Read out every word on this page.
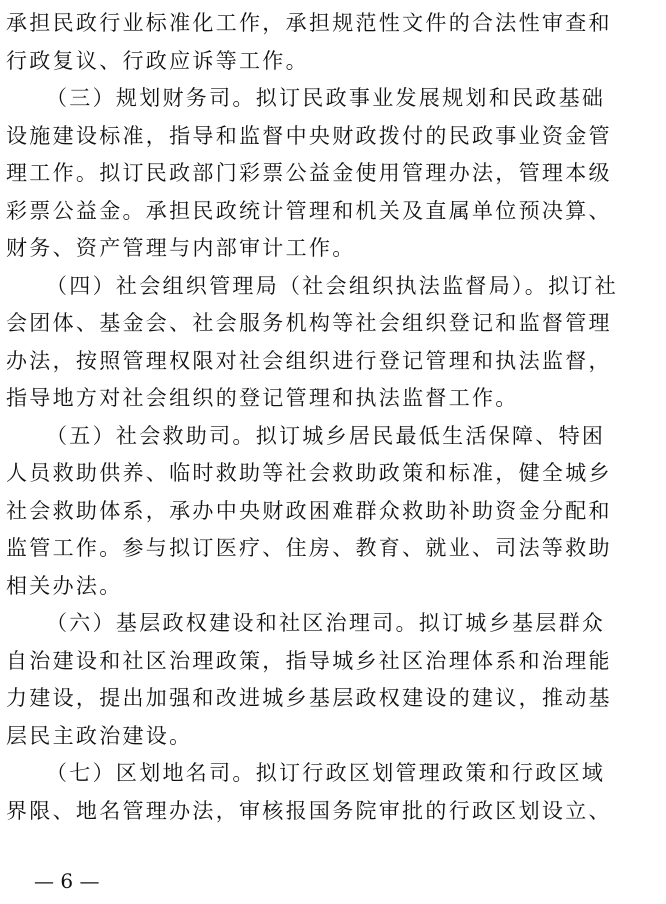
承担民政行业标准化工作，承担规范性文件的合法性审查和
行政复议、行政应诉等工作。
（三）规划财务司。拟订民政事业发展规划和民政基础
设施建设标准，指导和监督中央财政拨付的民政事业资金管
理工作。拟订民政部门彩票公益金使用管理办法，管理本级
彩票公益金。承担民政统计管理和机关及直属单位预决算、
财务、资产管理与内部审计工作。
（四）社会组织管理局（社会组织执法监督局）。拟订社
会团体、基金会、社会服务机构等社会组织登记和监督管理
办法，按照管理权限对社会组织进行登记管理和执法监督，
指导地方对社会组织的登记管理和执法监督工作。
（五）社会救助司。拟订城乡居民最低生活保障、特困
人员救助供养、临时救助等社会救助政策和标准，健全城乡
社会救助体系，承办中央财政困难群众救助补助资金分配和
监管工作。参与拟订医疗、住房、教育、就业、司法等救助
相关办法。
（六）基层政权建设和社区治理司。拟订城乡基层群众
自治建设和社区治理政策，指导城乡社区治理体系和治理能
力建设，提出加强和改进城乡基层政权建设的建议，推动基
层民主政治建设。
（七）区划地名司。拟订行政区划管理政策和行政区域
界限、地名管理办法，审核报国务院审批的行政区划设立、
— 6 —
